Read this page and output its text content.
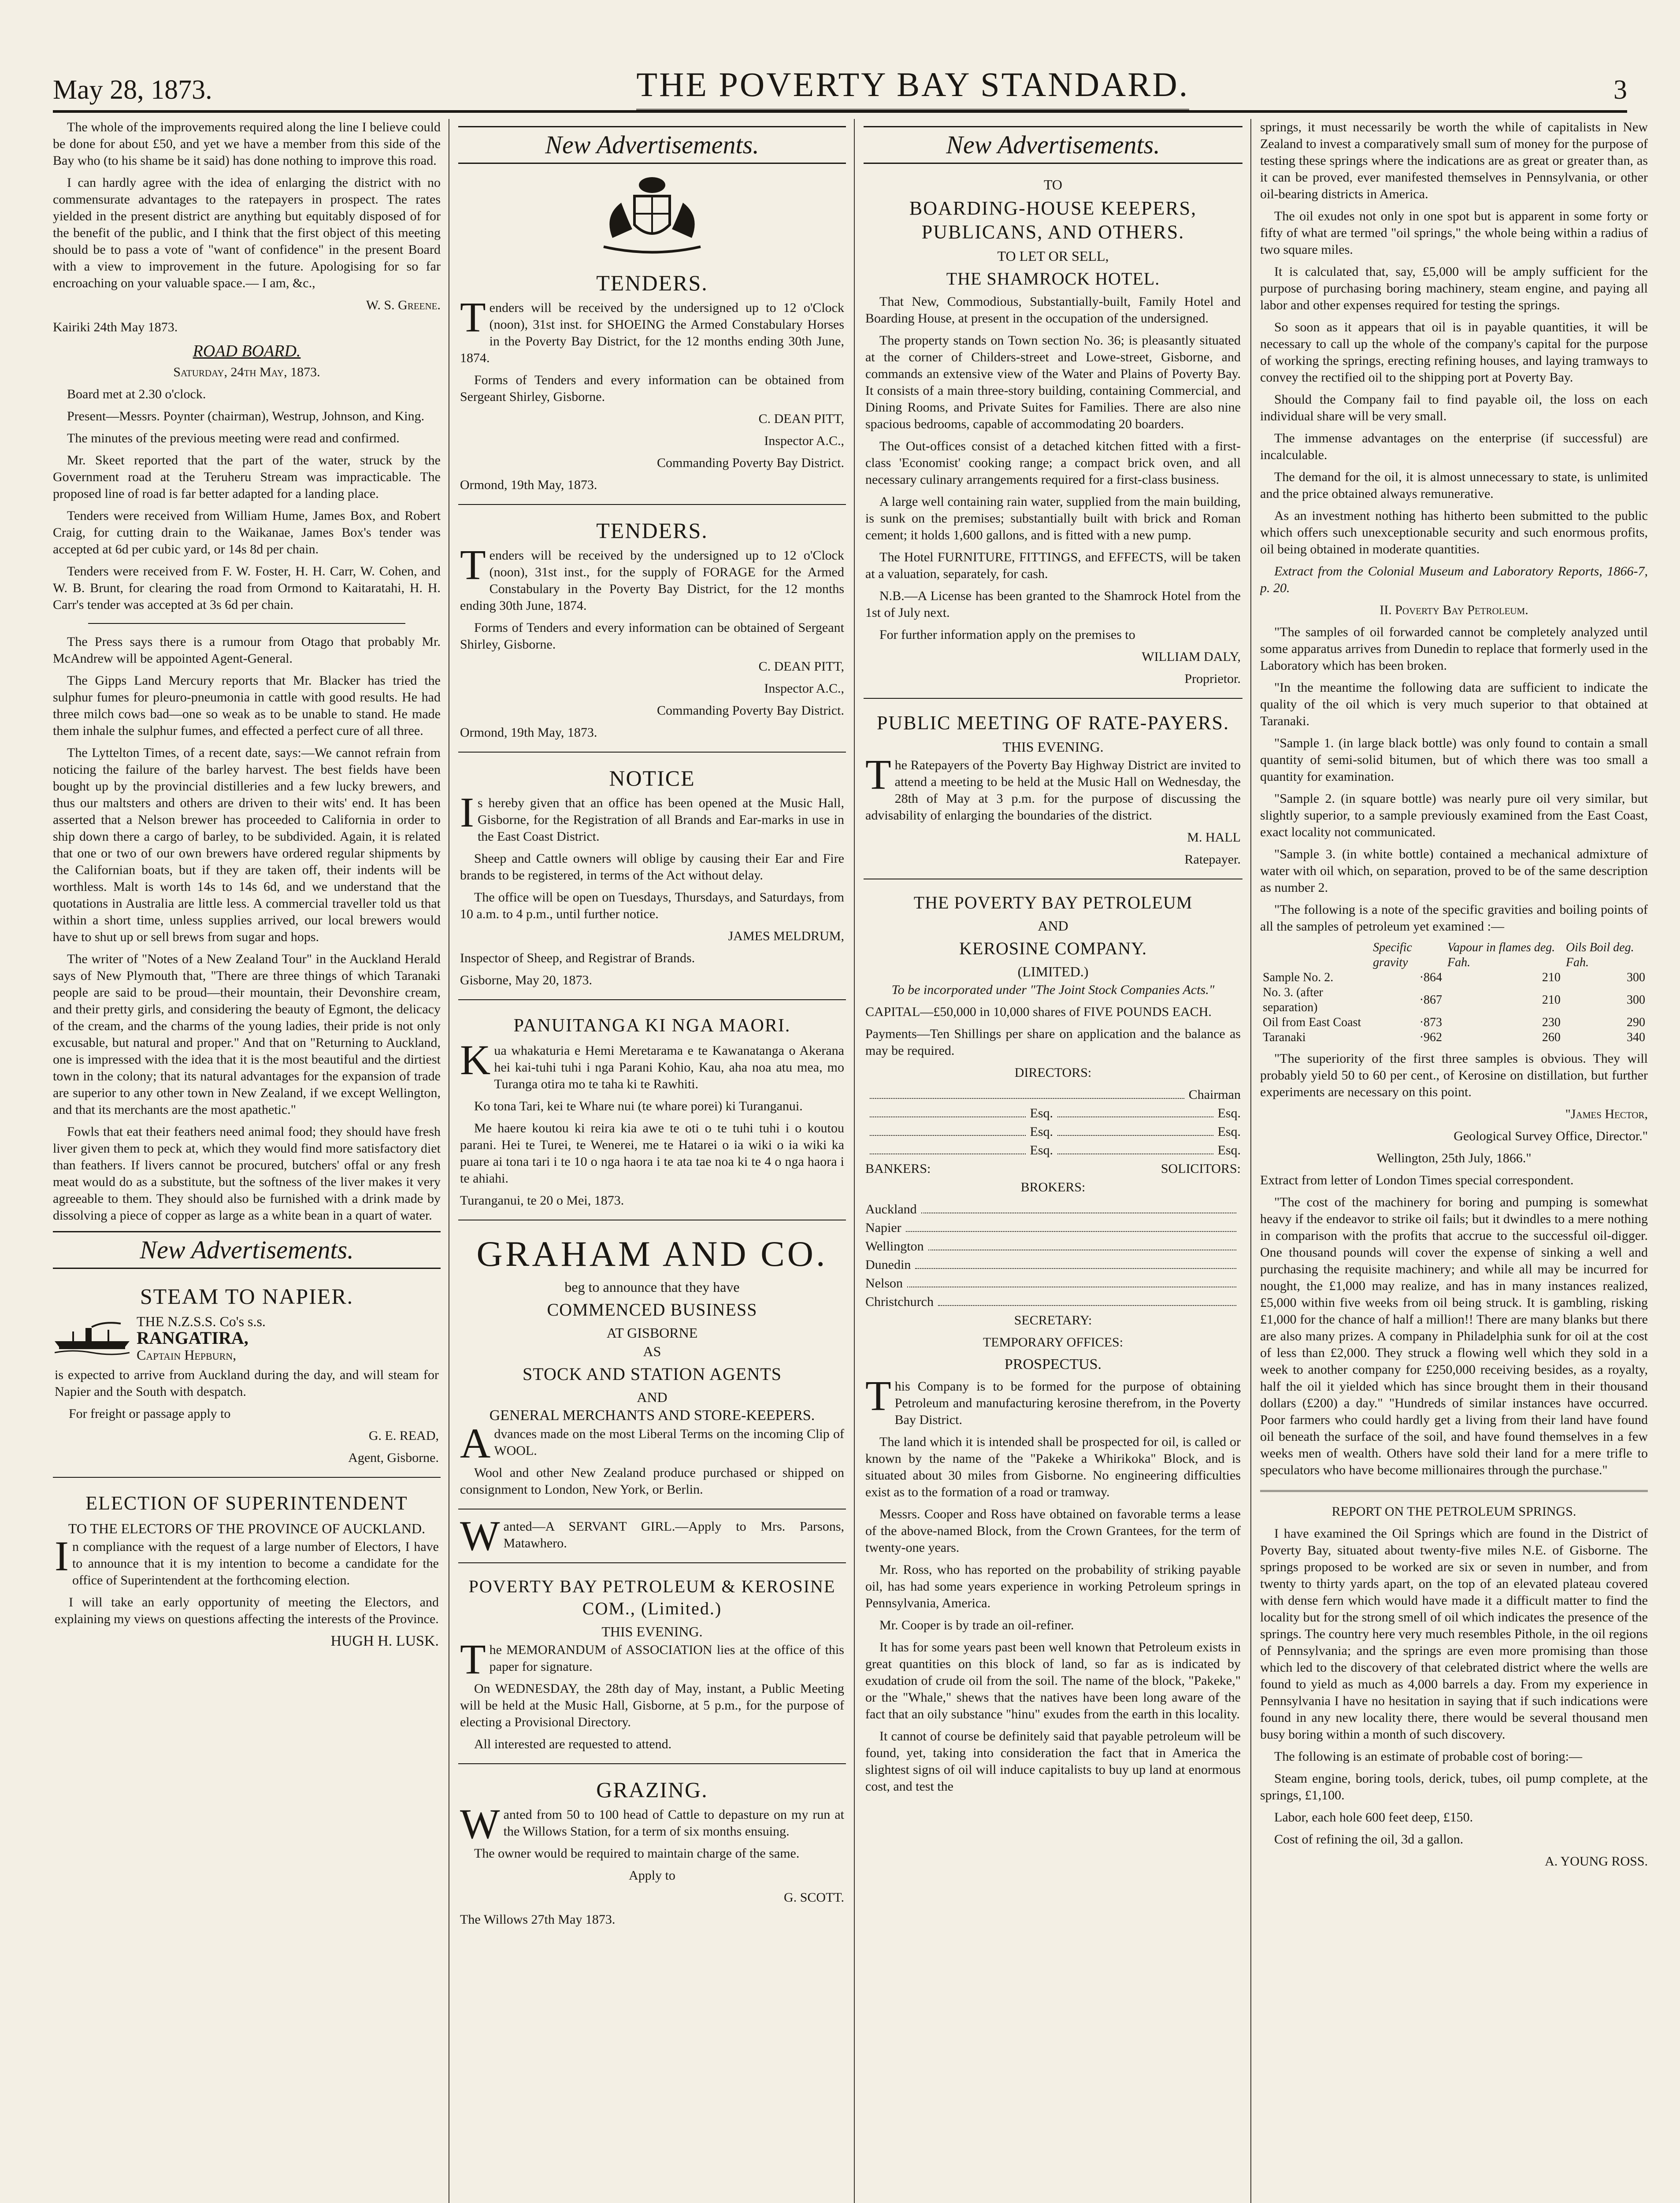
May 28, 1873.	THE POVERTY BAY STANDARD.	3

The whole of the improvements required along the line I believe could be done for about £50, and yet we have a member from this side of the Bay who (to his shame be it said) has done nothing to improve this road.

I can hardly agree with the idea of enlarging the district with no commensurate advantages to the ratepayers in prospect. The rates yielded in the present district are anything but equitably disposed of for the benefit of the public, and I think that the first object of this meeting should be to pass a vote of "want of confidence" in the present Board with a view to improvement in the future. Apologising for so far encroaching on your valuable space.— I am, &c.,

W. S. Greene.

Kairiki 24th May 1873.

ROAD BOARD.

Saturday, 24th May, 1873.

Board met at 2.30 o'clock.

Present—Messrs. Poynter (chairman), Westrup, Johnson, and King.

The minutes of the previous meeting were read and confirmed.

Mr. Skeet reported that the part of the water, struck by the Government road at the Teruheru Stream was impracticable. The proposed line of road is far better adapted for a landing place.

Tenders were received from William Hume, James Box, and Robert Craig, for cutting drain to the Waikanae, James Box's tender was accepted at 6d per cubic yard, or 14s 8d per chain.

Tenders were received from F. W. Foster, H. H. Carr, W. Cohen, and W. B. Brunt, for clearing the road from Ormond to Kaitaratahi, H. H. Carr's tender was accepted at 3s 6d per chain.

The Press says there is a rumour from Otago that probably Mr. McAndrew will be appointed Agent-General.

The Gipps Land Mercury reports that Mr. Blacker has tried the sulphur fumes for pleuro-pneumonia in cattle with good results. He had three milch cows bad—one so weak as to be unable to stand. He made them inhale the sulphur fumes, and effected a perfect cure of all three.

The Lyttelton Times, of a recent date, says:—We cannot refrain from noticing the failure of the barley harvest. The best fields have been bought up by the provincial distilleries and a few lucky brewers, and thus our maltsters and others are driven to their wits' end. It has been asserted that a Nelson brewer has proceeded to California in order to ship down there a cargo of barley, to be subdivided. Again, it is related that one or two of our own brewers have ordered regular shipments by the Californian boats, but if they are taken off, their indents will be worthless. Malt is worth 14s to 14s 6d, and we understand that the quotations in Australia are little less. A commercial traveller told us that within a short time, unless supplies arrived, our local brewers would have to shut up or sell brews from sugar and hops.

The writer of "Notes of a New Zealand Tour" in the Auckland Herald says of New Plymouth that, "There are three things of which Taranaki people are said to be proud—their mountain, their Devonshire cream, and their pretty girls, and considering the beauty of Egmont, the delicacy of the cream, and the charms of the young ladies, their pride is not only excusable, but natural and proper." And that on "Returning to Auckland, one is impressed with the idea that it is the most beautiful and the dirtiest town in the colony; that its natural advantages for the expansion of trade are superior to any other town in New Zealand, if we except Wellington, and that its merchants are the most apathetic."

Fowls that eat their feathers need animal food; they should have fresh liver given them to peck at, which they would find more satisfactory diet than feathers. If livers cannot be procured, butchers' offal or any fresh meat would do as a substitute, but the softness of the liver makes it very agreeable to them. They should also be furnished with a drink made by dissolving a piece of copper as large as a white bean in a quart of water.

New Advertisements.
STEAM TO NAPIER.
THE N.Z.S.S. Co's s.s.
RANGATIRA,
Captain Hepburn,

is expected to arrive from Auckland during the day, and will steam for Napier and the South with despatch.

For freight or passage apply to

G. E. READ,

Agent, Gisborne.

ELECTION OF SUPERINTENDENT
TO THE ELECTORS OF THE PROVINCE OF AUCKLAND.

In compliance with the request of a large number of Electors, I have to announce that it is my intention to become a candidate for the office of Superintendent at the forthcoming election.

I will take an early opportunity of meeting the Electors, and explaining my views on questions affecting the interests of the Province.

HUGH H. LUSK.

New Advertisements.
TENDERS.

Tenders will be received by the undersigned up to 12 o'Clock (noon), 31st inst. for SHOEING the Armed Constabulary Horses in the Poverty Bay District, for the 12 months ending 30th June, 1874.

Forms of Tenders and every information can be obtained from Sergeant Shirley, Gisborne.

C. DEAN PITT,

Inspector A.C.,

Commanding Poverty Bay District.

Ormond, 19th May, 1873.

TENDERS.

Tenders will be received by the undersigned up to 12 o'Clock (noon), 31st inst., for the supply of FORAGE for the Armed Constabulary in the Poverty Bay District, for the 12 months ending 30th June, 1874.

Forms of Tenders and every information can be obtained of Sergeant Shirley, Gisborne.

C. DEAN PITT,

Inspector A.C.,

Commanding Poverty Bay District.

Ormond, 19th May, 1873.

NOTICE

Is hereby given that an office has been opened at the Music Hall, Gisborne, for the Registration of all Brands and Ear-marks in use in the East Coast District.

Sheep and Cattle owners will oblige by causing their Ear and Fire brands to be registered, in terms of the Act without delay.

The office will be open on Tuesdays, Thursdays, and Saturdays, from 10 a.m. to 4 p.m., until further notice.

JAMES MELDRUM,

Inspector of Sheep, and Registrar of Brands.

Gisborne, May 20, 1873.

PANUITANGA KI NGA MAORI.

Kua whakaturia e Hemi Meretarama e te Kawanatanga o Akerana hei kai-tuhi tuhi i nga Parani Kohio, Kau, aha noa atu mea, mo Turanga otira mo te taha ki te Rawhiti.

Ko tona Tari, kei te Whare nui (te whare porei) ki Turanganui.

Me haere koutou ki reira kia awe te oti o te tuhi tuhi i o koutou parani. Hei te Turei, te Wenerei, me te Hatarei o ia wiki o ia wiki ka puare ai tona tari i te 10 o nga haora i te ata tae noa ki te 4 o nga haora i te ahiahi.

Turanganui, te 20 o Mei, 1873.

GRAHAM AND CO.
beg to announce that they have
COMMENCED BUSINESS
AT GISBORNE
AS
STOCK AND STATION AGENTS
AND
GENERAL MERCHANTS AND STORE-KEEPERS.

Advances made on the most Liberal Terms on the incoming Clip of WOOL.

Wool and other New Zealand produce purchased or shipped on consignment to London, New York, or Berlin.

Wanted—A SERVANT GIRL.—Apply to Mrs. Parsons, Matawhero.

POVERTY BAY PETROLEUM & KEROSINE COM., (Limited.)
THIS EVENING.

The MEMORANDUM of ASSOCIATION lies at the office of this paper for signature.

On WEDNESDAY, the 28th day of May, instant, a Public Meeting will be held at the Music Hall, Gisborne, at 5 p.m., for the purpose of electing a Provisional Directory.

All interested are requested to attend.

GRAZING.

Wanted from 50 to 100 head of Cattle to depasture on my run at the Willows Station, for a term of six months ensuing.

The owner would be required to maintain charge of the same.

Apply to

G. SCOTT.

The Willows 27th May 1873.

New Advertisements.
TO
BOARDING-HOUSE KEEPERS, PUBLICANS, AND OTHERS.
TO LET OR SELL,
THE SHAMROCK HOTEL.

That New, Commodious, Substantially-built, Family Hotel and Boarding House, at present in the occupation of the undersigned.

The property stands on Town section No. 36; is pleasantly situated at the corner of Childers-street and Lowe-street, Gisborne, and commands an extensive view of the Water and Plains of Poverty Bay. It consists of a main three-story building, containing Commercial, and Dining Rooms, and Private Suites for Families. There are also nine spacious bedrooms, capable of accommodating 20 boarders.

The Out-offices consist of a detached kitchen fitted with a first-class 'Economist' cooking range; a compact brick oven, and all necessary culinary arrangements required for a first-class business.

A large well containing rain water, supplied from the main building, is sunk on the premises; substantially built with brick and Roman cement; it holds 1,600 gallons, and is fitted with a new pump.

The Hotel FURNITURE, FITTINGS, and EFFECTS, will be taken at a valuation, separately, for cash.

N.B.—A License has been granted to the Shamrock Hotel from the 1st of July next.

For further information apply on the premises to

WILLIAM DALY,

Proprietor.

PUBLIC MEETING OF RATE-PAYERS.
THIS EVENING.

The Ratepayers of the Poverty Bay Highway District are invited to attend a meeting to be held at the Music Hall on Wednesday, the 28th of May at 3 p.m. for the purpose of discussing the advisability of enlarging the boundaries of the district.

M. HALL

Ratepayer.

THE POVERTY BAY PETROLEUM
AND
KEROSINE COMPANY.
(LIMITED.)

To be incorporated under "The Joint Stock Companies Acts."

CAPITAL—£50,000 in 10,000 shares of FIVE POUNDS EACH.

Payments—Ten Shillings per share on application and the balance as may be required.

DIRECTORS:

Chairman
Esq.	Esq.
Esq.	Esq.
Esq.	Esq.
BANKERS:	SOLICITORS:

BROKERS:

Auckland
Napier
Wellington
Dunedin
Nelson
Christchurch

SECRETARY:

TEMPORARY OFFICES:

PROSPECTUS.

This Company is to be formed for the purpose of obtaining Petroleum and manufacturing kerosine therefrom, in the Poverty Bay District.

The land which it is intended shall be prospected for oil, is called or known by the name of the "Pakeke a Whirikoka" Block, and is situated about 30 miles from Gisborne. No engineering difficulties exist as to the formation of a road or tramway.

Messrs. Cooper and Ross have obtained on favorable terms a lease of the above-named Block, from the Crown Grantees, for the term of twenty-one years.

Mr. Ross, who has reported on the probability of striking payable oil, has had some years experience in working Petroleum springs in Pennsylvania, America.

Mr. Cooper is by trade an oil-refiner.

It has for some years past been well known that Petroleum exists in great quantities on this block of land, so far as is indicated by exudation of crude oil from the soil. The name of the block, "Pakeke," or the "Whale," shews that the natives have been long aware of the fact that an oily substance "hinu" exudes from the earth in this locality.

It cannot of course be definitely said that payable petroleum will be found, yet, taking into consideration the fact that in America the slightest signs of oil will induce capitalists to buy up land at enormous cost, and test the

springs, it must necessarily be worth the while of capitalists in New Zealand to invest a comparatively small sum of money for the purpose of testing these springs where the indications are as great or greater than, as it can be proved, ever manifested themselves in Pennsylvania, or other oil-bearing districts in America.

The oil exudes not only in one spot but is apparent in some forty or fifty of what are termed "oil springs," the whole being within a radius of two square miles.

It is calculated that, say, £5,000 will be amply sufficient for the purpose of purchasing boring machinery, steam engine, and paying all labor and other expenses required for testing the springs.

So soon as it appears that oil is in payable quantities, it will be necessary to call up the whole of the company's capital for the purpose of working the springs, erecting refining houses, and laying tramways to convey the rectified oil to the shipping port at Poverty Bay.

Should the Company fail to find payable oil, the loss on each individual share will be very small.

The immense advantages on the enterprise (if successful) are incalculable.

The demand for the oil, it is almost unnecessary to state, is unlimited and the price obtained always remunerative.

As an investment nothing has hitherto been submitted to the public which offers such unexceptionable security and such enormous profits, oil being obtained in moderate quantities.

Extract from the Colonial Museum and Laboratory Reports, 1866-7, p. 20.

II. Poverty Bay Petroleum.

"The samples of oil forwarded cannot be completely analyzed until some apparatus arrives from Dunedin to replace that formerly used in the Laboratory which has been broken.

"In the meantime the following data are sufficient to indicate the quality of the oil which is very much superior to that obtained at Taranaki.

"Sample 1. (in large black bottle) was only found to contain a small quantity of semi-solid bitumen, but of which there was too small a quantity for examination.

"Sample 2. (in square bottle) was nearly pure oil very similar, but slightly superior, to a sample previously examined from the East Coast, exact locality not communicated.

"Sample 3. (in white bottle) contained a mechanical admixture of water with oil which, on separation, proved to be of the same description as number 2.

"The following is a note of the specific gravities and boiling points of all the samples of petroleum yet examined :—

	Specific gravity	Vapour in flames deg. Fah.	Oils Boil deg. Fah.
Sample No. 2.	·864	210	300
No. 3. (after separation)	·867	210	300
Oil from East Coast	·873	230	290
Taranaki	·962	260	340

"The superiority of the first three samples is obvious. They will probably yield 50 to 60 per cent., of Kerosine on distillation, but further experiments are necessary on this point.

"James Hector,

Geological Survey Office, Director."

Wellington, 25th July, 1866."

Extract from letter of London Times special correspondent.

"The cost of the machinery for boring and pumping is somewhat heavy if the endeavor to strike oil fails; but it dwindles to a mere nothing in comparison with the profits that accrue to the successful oil-digger. One thousand pounds will cover the expense of sinking a well and purchasing the requisite machinery; and while all may be incurred for nought, the £1,000 may realize, and has in many instances realized, £5,000 within five weeks from oil being struck. It is gambling, risking £1,000 for the chance of half a million!! There are many blanks but there are also many prizes. A company in Philadelphia sunk for oil at the cost of less than £2,000. They struck a flowing well which they sold in a week to another company for £250,000 receiving besides, as a royalty, half the oil it yielded which has since brought them in their thousand dollars (£200) a day." "Hundreds of similar instances have occurred. Poor farmers who could hardly get a living from their land have found oil beneath the surface of the soil, and have found themselves in a few weeks men of wealth. Others have sold their land for a mere trifle to speculators who have become millionaires through the purchase."

REPORT ON THE PETROLEUM SPRINGS.

I have examined the Oil Springs which are found in the District of Poverty Bay, situated about twenty-five miles N.E. of Gisborne. The springs proposed to be worked are six or seven in number, and from twenty to thirty yards apart, on the top of an elevated plateau covered with dense fern which would have made it a difficult matter to find the locality but for the strong smell of oil which indicates the presence of the springs. The country here very much resembles Pithole, in the oil regions of Pennsylvania; and the springs are even more promising than those which led to the discovery of that celebrated district where the wells are found to yield as much as 4,000 barrels a day. From my experience in Pennsylvania I have no hesitation in saying that if such indications were found in any new locality there, there would be several thousand men busy boring within a month of such discovery.

The following is an estimate of probable cost of boring:—

Steam engine, boring tools, derick, tubes, oil pump complete, at the springs, £1,100.

Labor, each hole 600 feet deep, £150.

Cost of refining the oil, 3d a gallon.

A. YOUNG ROSS.
